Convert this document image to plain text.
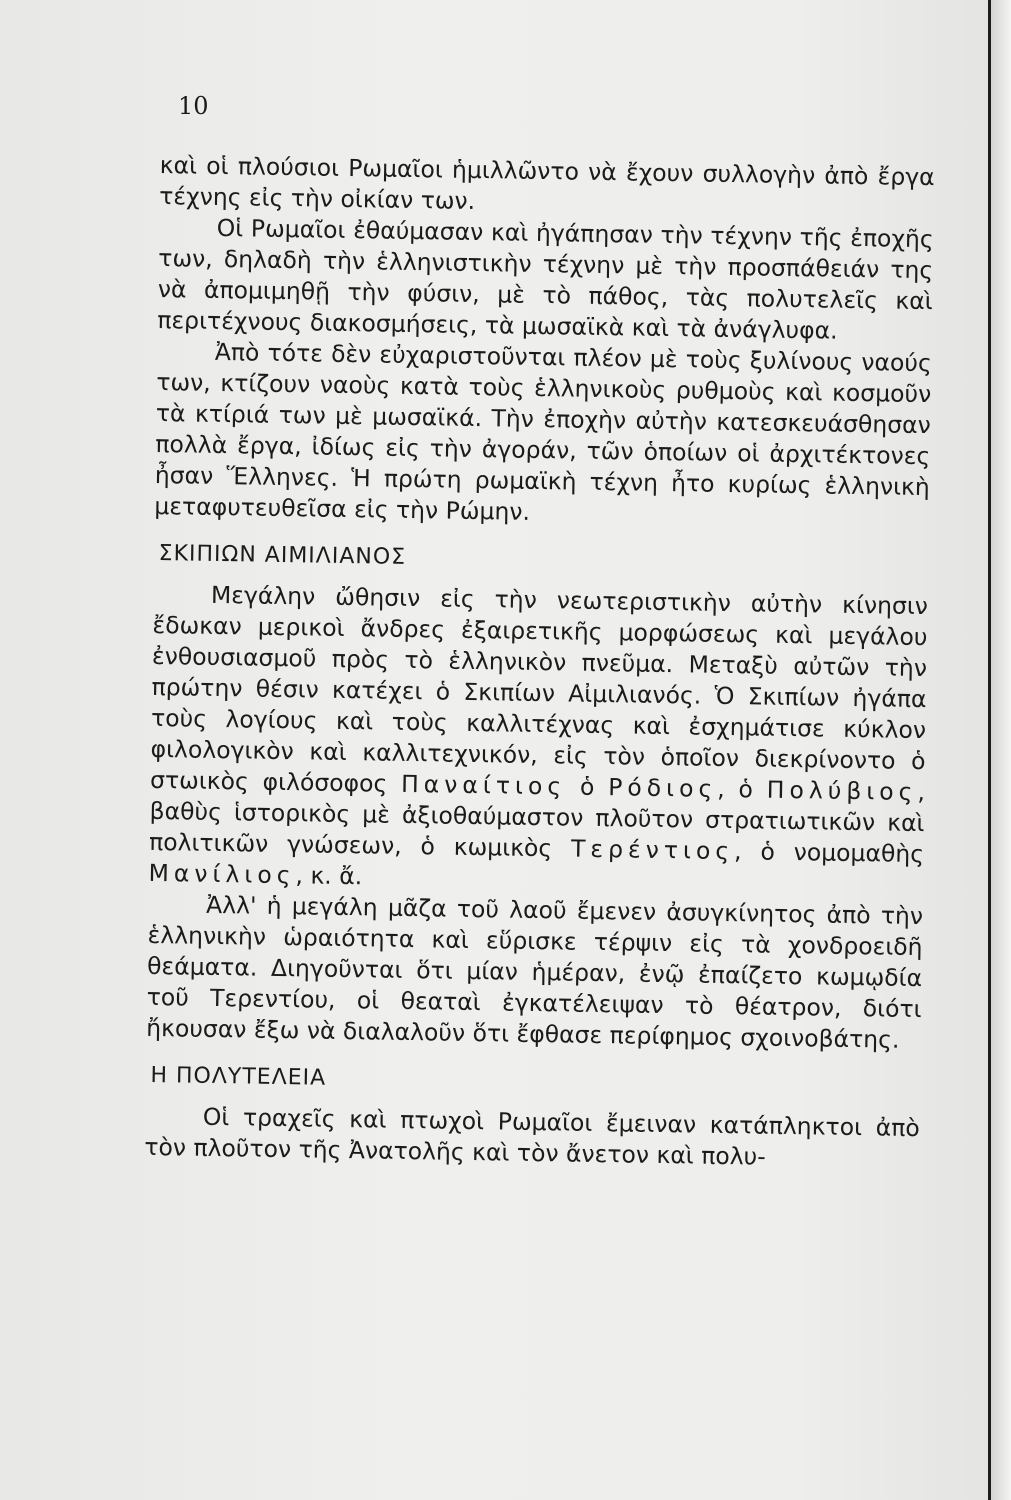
10

καὶ οἱ πλούσιοι Ρωμαῖοι ἡμιλλῶντο νὰ ἔχουν συλλογὴν ἀπὸ ἔργα τέχνης εἰς τὴν οἰκίαν των.

Οἱ Ρωμαῖοι ἐθαύμασαν καὶ ἠγάπησαν τὴν τέχνην τῆς ἐποχῆς των, δηλαδὴ τὴν ἑλληνιστικὴν τέχνην μὲ τὴν προσπάθειάν της νὰ ἀπομιμηθῇ τὴν φύσιν, μὲ τὸ πάθος, τὰς πολυτελεῖς καὶ περιτέχνους διακοσμήσεις, τὰ μωσαϊκὰ καὶ τὰ ἀνάγλυφα.

Ἀπὸ τότε δὲν εὐχαριστοῦνται πλέον μὲ τοὺς ξυλίνους ναούς των, κτίζουν ναοὺς κατὰ τοὺς ἑλληνικοὺς ρυθμοὺς καὶ κοσμοῦν τὰ κτίριά των μὲ μωσαϊκά. Τὴν ἐποχὴν αὐτὴν κατεσκευάσθησαν πολλὰ ἔργα, ἰδίως εἰς τὴν ἀγοράν, τῶν ὁποίων οἱ ἀρχιτέκτονες ἦσαν Ἕλληνες. Ἡ πρώτη ρωμαϊκὴ τέχνη ἦτο κυρίως ἑλληνικὴ μεταφυτευθεῖσα εἰς τὴν Ρώμην.

ΣΚΙΠΙΩΝ ΑΙΜΙΛΙΑΝΟΣ

Μεγάλην ὤθησιν εἰς τὴν νεωτεριστικὴν αὐτὴν κίνησιν ἔδωκαν μερικοὶ ἄνδρες ἐξαιρετικῆς μορφώσεως καὶ μεγάλου ἐνθουσιασμοῦ πρὸς τὸ ἑλληνικὸν πνεῦμα. Μεταξὺ αὐτῶν τὴν πρώτην θέσιν κατέχει ὁ Σκιπίων Αἰμιλιανός. Ὁ Σκιπίων ἠγάπα τοὺς λογίους καὶ τοὺς καλλιτέχνας καὶ ἐσχημάτισε κύκλον φιλολογικὸν καὶ καλλιτεχνικόν, εἰς τὸν ὁποῖον διεκρίνοντο ὁ στωικὸς φιλόσοφος Παναίτιος ὁ Ρόδιος, ὁ Πολύβιος, βαθὺς ἱστορικὸς μὲ ἀξιοθαύμαστον πλοῦτον στρατιωτικῶν καὶ πολιτικῶν γνώσεων, ὁ κωμικὸς Τερέντιος, ὁ νομομαθὴς Μανίλιος, κ. ἄ.

Ἀλλ' ἡ μεγάλη μᾶζα τοῦ λαοῦ ἔμενεν ἀσυγκίνητος ἀπὸ τὴν ἑλληνικὴν ὡραιότητα καὶ εὕρισκε τέρψιν εἰς τὰ χονδροειδῆ θεάματα. Διηγοῦνται ὅτι μίαν ἡμέραν, ἐνῷ ἐπαίζετο κωμῳδία τοῦ Τερεντίου, οἱ θεαταὶ ἐγκατέλειψαν τὸ θέατρον, διότι ἤκουσαν ἔξω νὰ διαλαλοῦν ὅτι ἔφθασε περίφημος σχοινοβάτης.

Η ΠΟΛΥΤΕΛΕΙΑ

Οἱ τραχεῖς καὶ πτωχοὶ Ρωμαῖοι ἔμειναν κατάπληκτοι ἀπὸ τὸν πλοῦτον τῆς Ἀνατολῆς καὶ τὸν ἄνετον καὶ πολυ-
